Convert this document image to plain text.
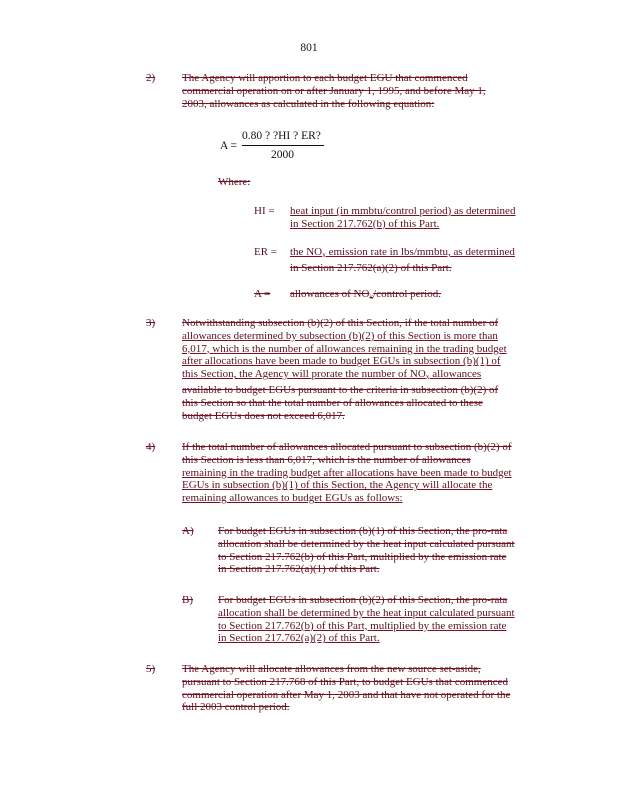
801
2) The Agency will apportion to each budget EGU that commenced
commercial operation on or after January 1, 1995, and before May 1,
2003, allowances as calculated in the following equation:
A =
0.80 ? ?HI ? ER?
2000
Where:
HI = heat input (in mmbtu/control period) as determined
in Section 217.762(b) of this Part.
ER = the $NO_x$ emission rate in lbs/mmbtu, as determined
in Section 217.762(a)(2) of this Part.
A = allowances of $NO_x$/control period.
3) Notwithstanding subsection (b)(2) of this Section, if the total number of
allowances determined by subsection (b)(2) of this Section is more than
6,017, which is the number of allowances remaining in the trading budget
after allocations have been made to budget EGUs in subsection (b)(1) of
this Section, the Agency will prorate the number of $NO_x$ allowances
available to budget EGUs pursuant to the criteria in subsection (b)(2) of
this Section so that the total number of allowances allocated to these
budget EGUs does not exceed 6,017.
4) If the total number of allowances allocated pursuant to subsection (b)(2) of
this Section is less than 6,017, which is the number of allowances
remaining in the trading budget after allocations have been made to budget
EGUs in subsection (b)(1) of this Section, the Agency will allocate the
remaining allowances to budget EGUs as follows:
A) For budget EGUs in subsection (b)(1) of this Section, the pro-rata
allocation shall be determined by the heat input calculated pursuant
to Section 217.762(b) of this Part, multiplied by the emission rate
in Section 217.762(a)(1) of this Part.
B) For budget EGUs in subsection (b)(2) of this Section, the pro-rata
allocation shall be determined by the heat input calculated pursuant
to Section 217.762(b) of this Part, multiplied by the emission rate
in Section 217.762(a)(2) of this Part.
5) The Agency will allocate allowances from the new source set-aside,
pursuant to Section 217.768 of this Part, to budget EGUs that commenced
commercial operation after May 1, 2003 and that have not operated for the
full 2003 control period.
